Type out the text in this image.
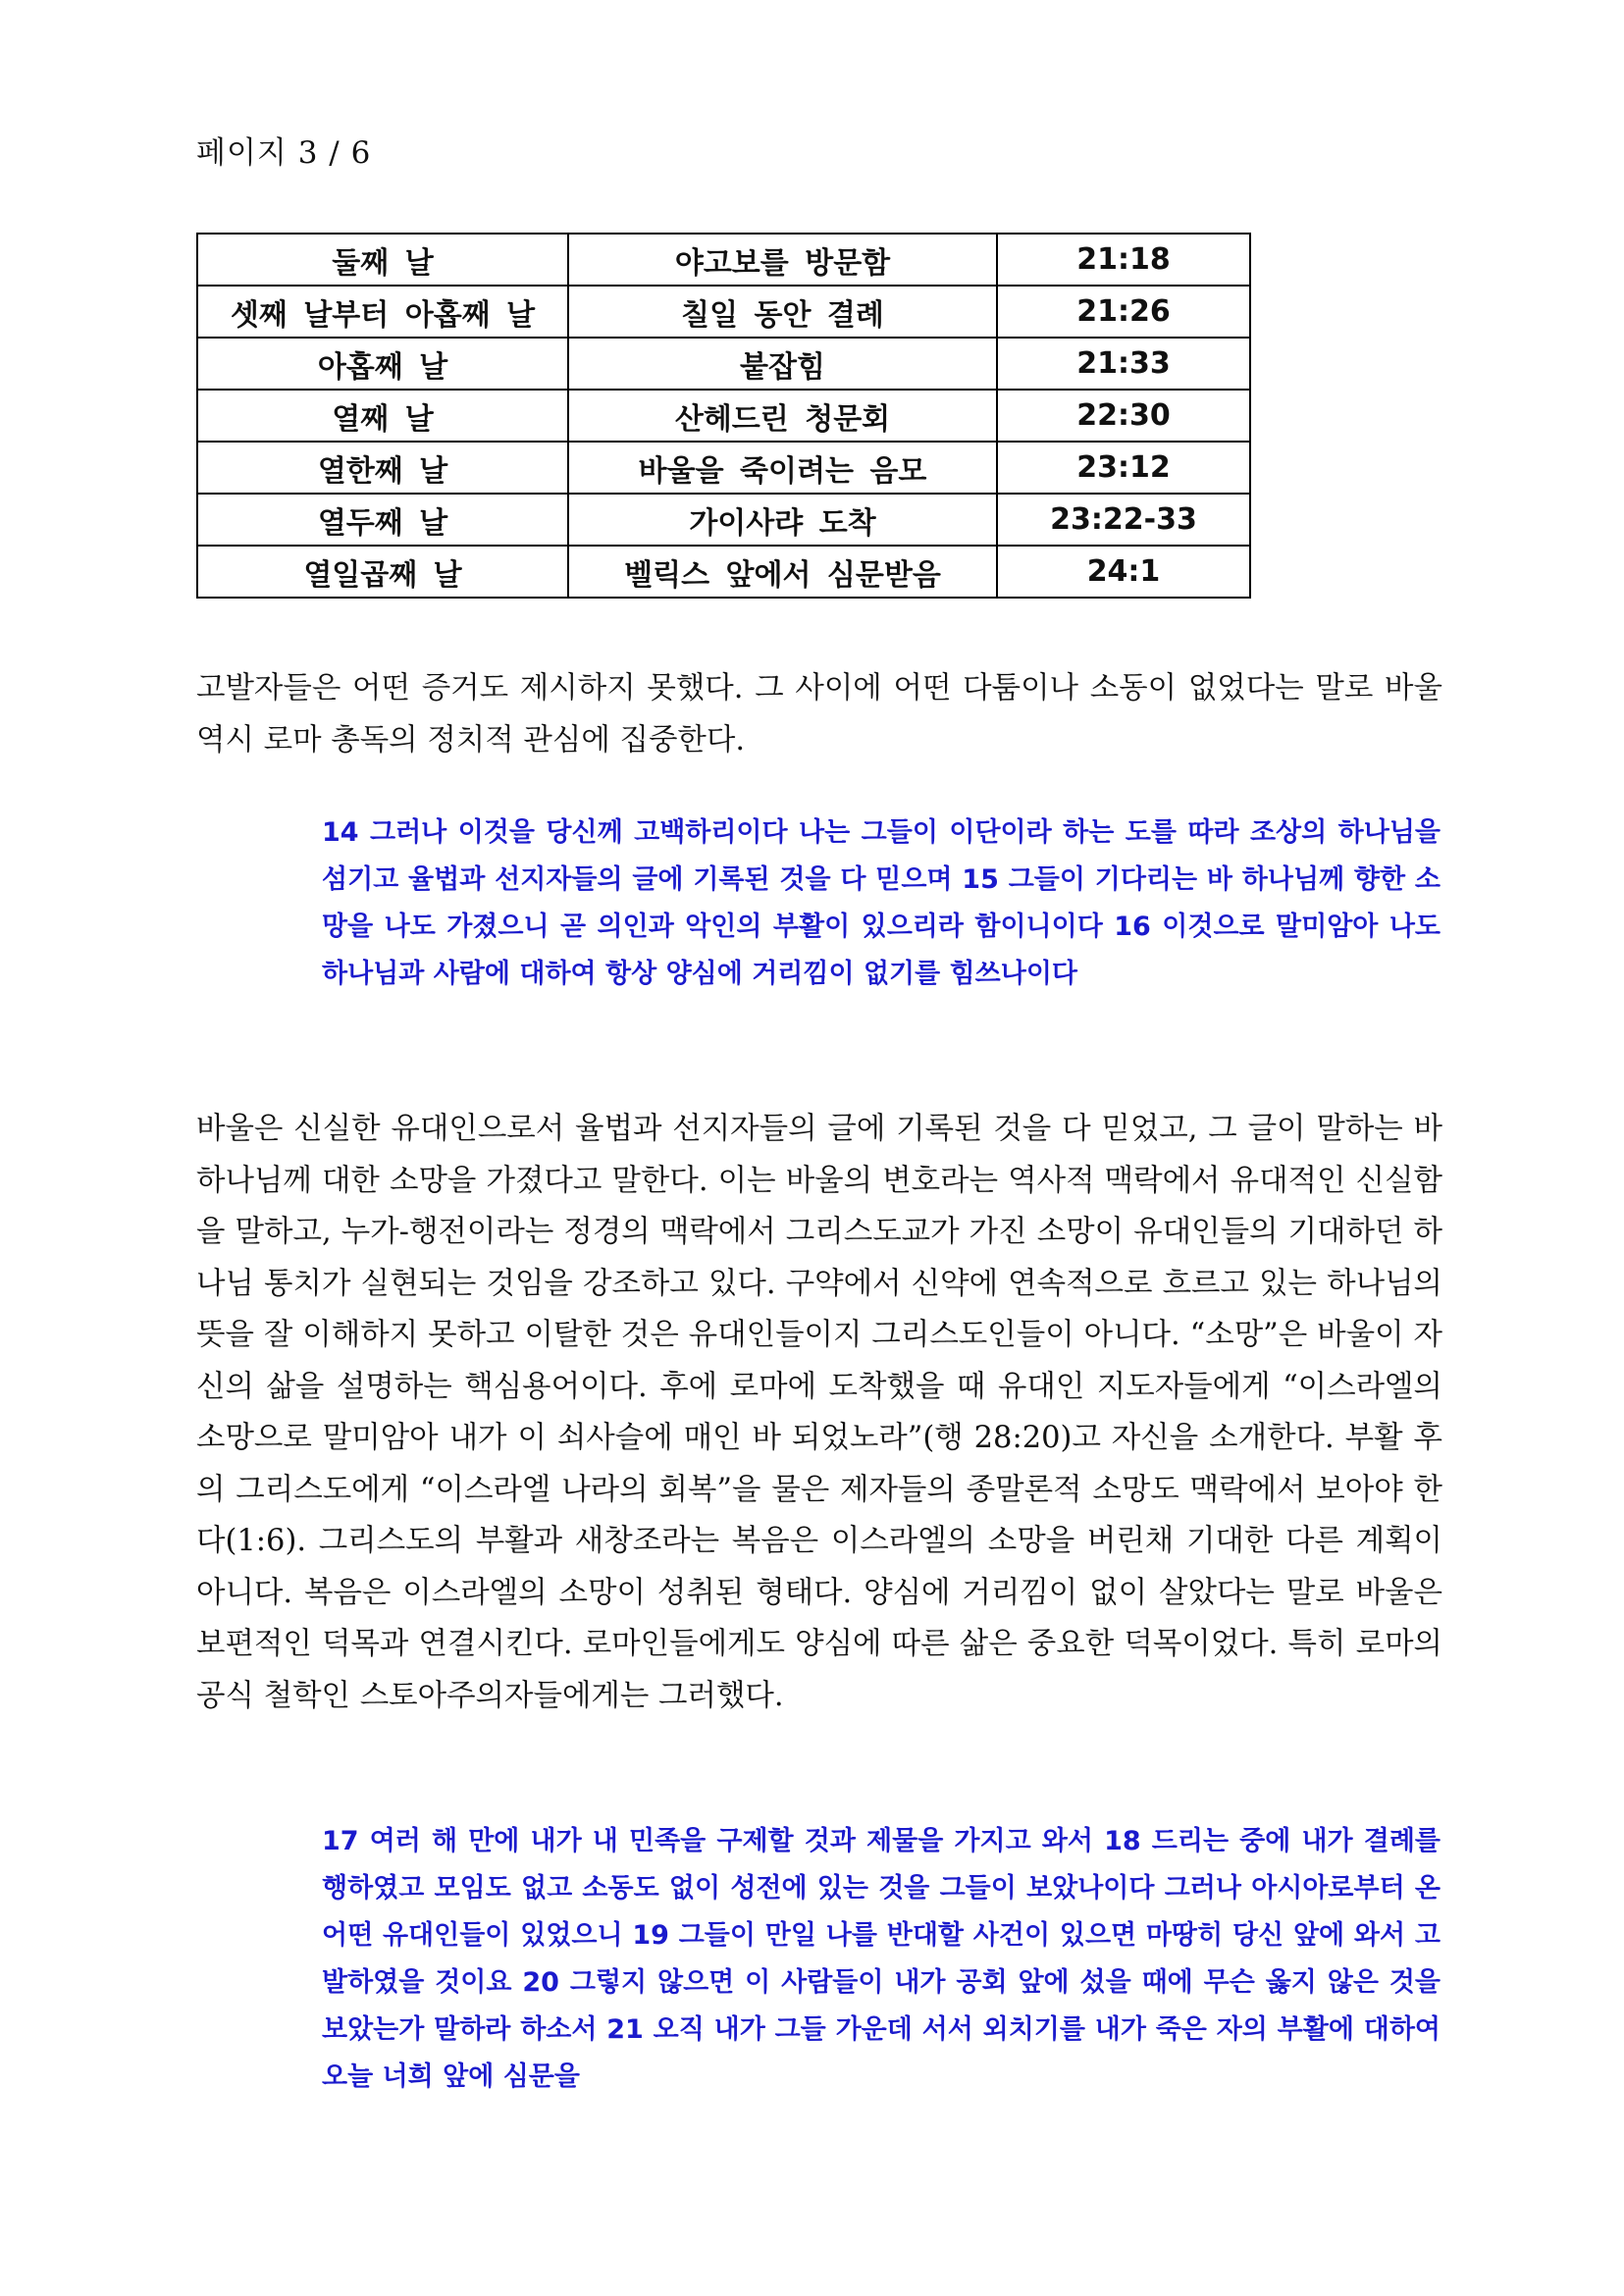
페이지 3 / 6
둘째 날	야고보를 방문함	21:18
셋째 날부터 아홉째 날	칠일 동안 결례	21:26
아홉째 날	붙잡힘	21:33
열째 날	산헤드린 청문회	22:30
열한째 날	바울을 죽이려는 음모	23:12
열두째 날	가이사랴 도착	23:22-33
열일곱째 날	벨릭스 앞에서 심문받음	24:1
고발자들은 어떤 증거도 제시하지 못했다. 그 사이에 어떤 다툼이나 소동이 없었다는 말로 바울 역시 로마 총독의 정치적 관심에 집중한다.
14 그러나 이것을 당신께 고백하리이다 나는 그들이 이단이라 하는 도를 따라 조상의 하나님을 섬기고 율법과 선지자들의 글에 기록된 것을 다 믿으며 15 그들이 기다리는 바 하나님께 향한 소망을 나도 가졌으니 곧 의인과 악인의 부활이 있으리라 함이니이다 16 이것으로 말미암아 나도 하나님과 사람에 대하여 항상 양심에 거리낌이 없기를 힘쓰나이다
바울은 신실한 유대인으로서 율법과 선지자들의 글에 기록된 것을 다 믿었고, 그 글이 말하는 바 하나님께 대한 소망을 가졌다고 말한다. 이는 바울의 변호라는 역사적 맥락에서 유대적인 신실함을 말하고, 누가-행전이라는 정경의 맥락에서 그리스도교가 가진 소망이 유대인들의 기대하던 하나님 통치가 실현되는 것임을 강조하고 있다. 구약에서 신약에 연속적으로 흐르고 있는 하나님의 뜻을 잘 이해하지 못하고 이탈한 것은 유대인들이지 그리스도인들이 아니다. “소망”은 바울이 자신의 삶을 설명하는 핵심용어이다. 후에 로마에 도착했을 때 유대인 지도자들에게 “이스라엘의 소망으로 말미암아 내가 이 쇠사슬에 매인 바 되었노라”(행 28:20)고 자신을 소개한다. 부활 후의 그리스도에게 “이스라엘 나라의 회복”을 물은 제자들의 종말론적 소망도 맥락에서 보아야 한다(1:6). 그리스도의 부활과 새창조라는 복음은 이스라엘의 소망을 버린채 기대한 다른 계획이 아니다. 복음은 이스라엘의 소망이 성취된 형태다. 양심에 거리낌이 없이 살았다는 말로 바울은 보편적인 덕목과 연결시킨다. 로마인들에게도 양심에 따른 삶은 중요한 덕목이었다. 특히 로마의 공식 철학인 스토아주의자들에게는 그러했다.
17 여러 해 만에 내가 내 민족을 구제할 것과 제물을 가지고 와서 18 드리는 중에 내가 결례를 행하였고 모임도 없고 소동도 없이 성전에 있는 것을 그들이 보았나이다 그러나 아시아로부터 온 어떤 유대인들이 있었으니 19 그들이 만일 나를 반대할 사건이 있으면 마땅히 당신 앞에 와서 고발하였을 것이요 20 그렇지 않으면 이 사람들이 내가 공회 앞에 섰을 때에 무슨 옳지 않은 것을 보았는가 말하라 하소서 21 오직 내가 그들 가운데 서서 외치기를 내가 죽은 자의 부활에 대하여 오늘 너희 앞에 심문을
